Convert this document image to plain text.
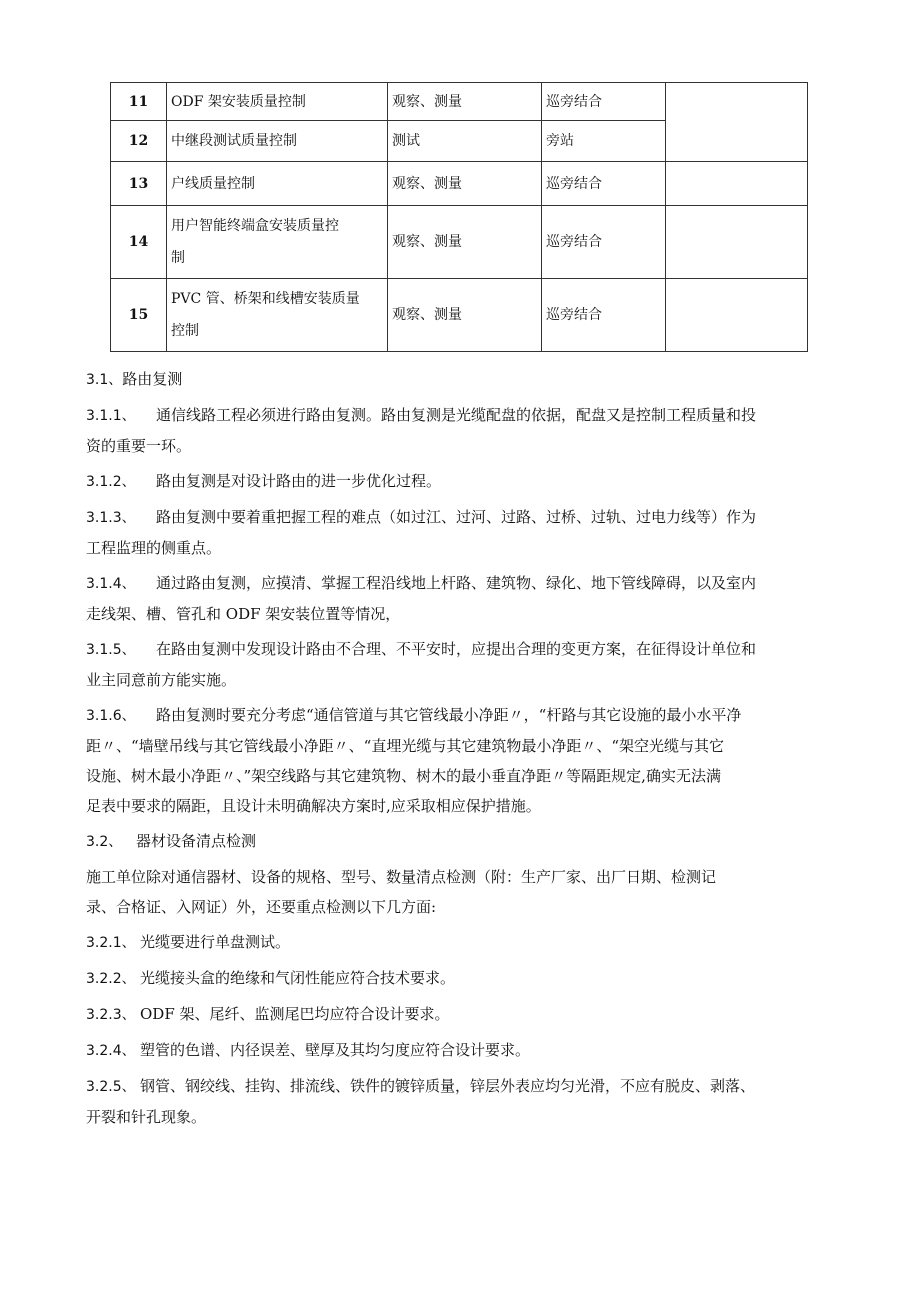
11	ODF 架安装质量控制	观察、测量	巡旁结合	
12	中继段测试质量控制	测试	旁站	
13	户线质量控制	观察、测量	巡旁结合	
14	用户智能终端盒安装质量控
制	观察、测量	巡旁结合	
15	PVC 管、桥架和线槽安装质量
控制	观察、测量	巡旁结合	

3.1、路由复测

3.1.1、 通信线路工程必须进行路由复测。路由复测是光缆配盘的依据，配盘又是控制工程质量和投

资的重要一环。

3.1.2、 路由复测是对设计路由的进一步优化过程。

3.1.3、 路由复测中要着重把握工程的难点（如过江、过河、过路、过桥、过轨、过电力线等）作为

工程监理的侧重点。

3.1.4、 通过路由复测，应摸清、掌握工程沿线地上杆路、建筑物、绿化、地下管线障碍，以及室内

走线架、槽、管孔和 ODF 架安装位置等情况，

3.1.5、 在路由复测中发现设计路由不合理、不平安时，应提出合理的变更方案，在征得设计单位和

业主同意前方能实施。

3.1.6、 路由复测时要充分考虑“通信管道与其它管线最小净距〃，“杆路与其它设施的最小水平净

距〃、“墙壁吊线与其它管线最小净距〃、“直埋光缆与其它建筑物最小净距〃、“架空光缆与其它

设施、树木最小净距〃、”架空线路与其它建筑物、树木的最小垂直净距〃等隔距规定,确实无法满

足表中要求的隔距，且设计未明确解决方案时,应采取相应保护措施。

3.2、 器材设备清点检测

施工单位除对通信器材、设备的规格、型号、数量清点检测（附：生产厂家、出厂日期、检测记

录、合格证、入网证）外，还要重点检测以下几方面:

3.2.1、 光缆要进行单盘测试。

3.2.2、 光缆接头盒的绝缘和气闭性能应符合技术要求。

3.2.3、 ODF 架、尾纤、监测尾巴均应符合设计要求。

3.2.4、 塑管的色谱、内径误差、壁厚及其均匀度应符合设计要求。

3.2.5、 钢管、钢绞线、挂钩、排流线、铁件的镀锌质量，锌层外表应均匀光滑，不应有脱皮、剥落、

开裂和针孔现象。
